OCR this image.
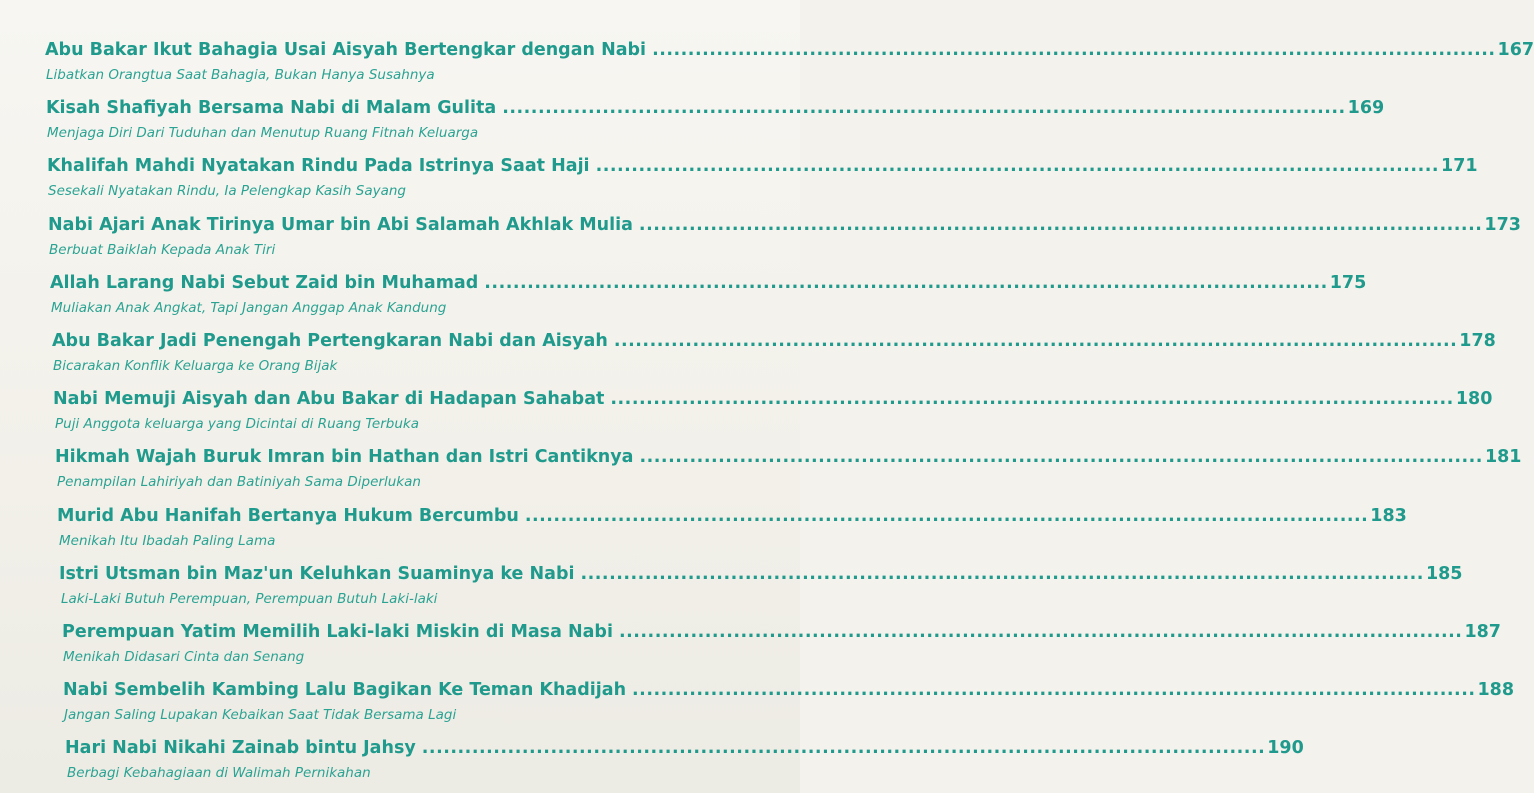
Abu Bakar Ikut Bahagia Usai Aisyah Bertengkar dengan Nabi ...................................................................................................................... 167
Libatkan Orangtua Saat Bahagia, Bukan Hanya Susahnya
Kisah Shafiyah Bersama Nabi di Malam Gulita ...................................................................................................................... 169
Menjaga Diri Dari Tuduhan dan Menutup Ruang Fitnah Keluarga
Khalifah Mahdi Nyatakan Rindu Pada Istrinya Saat Haji ...................................................................................................................... 171
Sesekali Nyatakan Rindu, Ia Pelengkap Kasih Sayang
Nabi Ajari Anak Tirinya Umar bin Abi Salamah Akhlak Mulia ...................................................................................................................... 173
Berbuat Baiklah Kepada Anak Tiri
Allah Larang Nabi Sebut Zaid bin Muhamad ...................................................................................................................... 175
Muliakan Anak Angkat, Tapi Jangan Anggap Anak Kandung
Abu Bakar Jadi Penengah Pertengkaran Nabi dan Aisyah ...................................................................................................................... 178
Bicarakan Konflik Keluarga ke Orang Bijak
Nabi Memuji Aisyah dan Abu Bakar di Hadapan Sahabat ...................................................................................................................... 180
Puji Anggota keluarga yang Dicintai di Ruang Terbuka
Hikmah Wajah Buruk Imran bin Hathan dan Istri Cantiknya ...................................................................................................................... 181
Penampilan Lahiriyah dan Batiniyah Sama Diperlukan
Murid Abu Hanifah Bertanya Hukum Bercumbu ...................................................................................................................... 183
Menikah Itu Ibadah Paling Lama
Istri Utsman bin Maz'un Keluhkan Suaminya ke Nabi ...................................................................................................................... 185
Laki-Laki Butuh Perempuan, Perempuan Butuh Laki-laki
Perempuan Yatim Memilih Laki-laki Miskin di Masa Nabi ...................................................................................................................... 187
Menikah Didasari Cinta dan Senang
Nabi Sembelih Kambing Lalu Bagikan Ke Teman Khadijah ...................................................................................................................... 188
Jangan Saling Lupakan Kebaikan Saat Tidak Bersama Lagi
Hari Nabi Nikahi Zainab bintu Jahsy ...................................................................................................................... 190
Berbagi Kebahagiaan di Walimah Pernikahan
